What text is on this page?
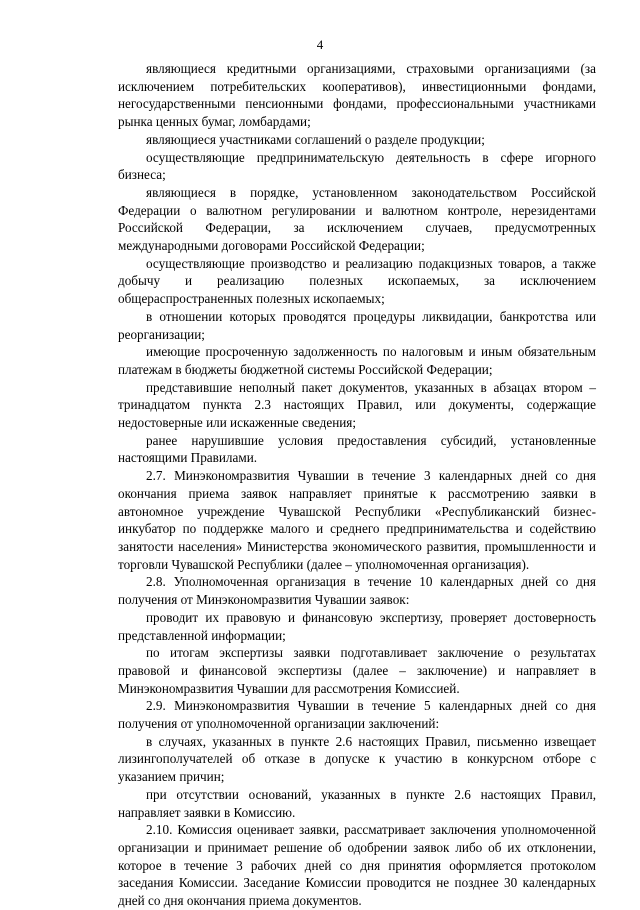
4

являющиеся кредитными организациями, страховыми организациями (за исключением потребительских кооперативов), инвестиционными фондами, негосударственными пенсионными фондами, профессиональными участниками рынка ценных бумаг, ломбардами;

являющиеся участниками соглашений о разделе продукции;

осуществляющие предпринимательскую деятельность в сфере игорного бизнеса;

являющиеся в порядке, установленном законодательством Российской Федерации о валютном регулировании и валютном контроле, нерезидентами Российской Федерации, за исключением случаев, предусмотренных международными договорами Российской Федерации;

осуществляющие производство и реализацию подакцизных товаров, а также добычу и реализацию полезных ископаемых, за исключением общераспространенных полезных ископаемых;

в отношении которых проводятся процедуры ликвидации, банкротства или реорганизации;

имеющие просроченную задолженность по налоговым и иным обязательным платежам в бюджеты бюджетной системы Российской Федерации;

представившие неполный пакет документов, указанных в абзацах втором – тринадцатом пункта 2.3 настоящих Правил, или документы, содержащие недостоверные или искаженные сведения;

ранее нарушившие условия предоставления субсидий, установленные настоящими Правилами.

2.7. Минэкономразвития Чувашии в течение 3 календарных дней со дня окончания приема заявок направляет принятые к рассмотрению заявки в автономное учреждение Чувашской Республики «Республиканский бизнес-инкубатор по поддержке малого и среднего предпринимательства и содействию занятости населения» Министерства экономического развития, промышленности и торговли Чувашской Республики (далее – уполномоченная организация).

2.8. Уполномоченная организация в течение 10 календарных дней со дня получения от Минэкономразвития Чувашии заявок:

проводит их правовую и финансовую экспертизу, проверяет достоверность представленной информации;

по итогам экспертизы заявки подготавливает заключение о результатах правовой и финансовой экспертизы (далее – заключение) и направляет в Минэкономразвития Чувашии для рассмотрения Комиссией.

2.9. Минэкономразвития Чувашии в течение 5 календарных дней со дня получения от уполномоченной организации заключений:

в случаях, указанных в пункте 2.6 настоящих Правил, письменно извещает лизингополучателей об отказе в допуске к участию в конкурсном отборе с указанием причин;

при отсутствии оснований, указанных в пункте 2.6 настоящих Правил, направляет заявки в Комиссию.

2.10. Комиссия оценивает заявки, рассматривает заключения уполномоченной организации и принимает решение об одобрении заявок либо об их отклонении, которое в течение 3 рабочих дней со дня принятия оформляется протоколом заседания Комиссии. Заседание Комиссии проводится не позднее 30 календарных дней со дня окончания приема документов.
